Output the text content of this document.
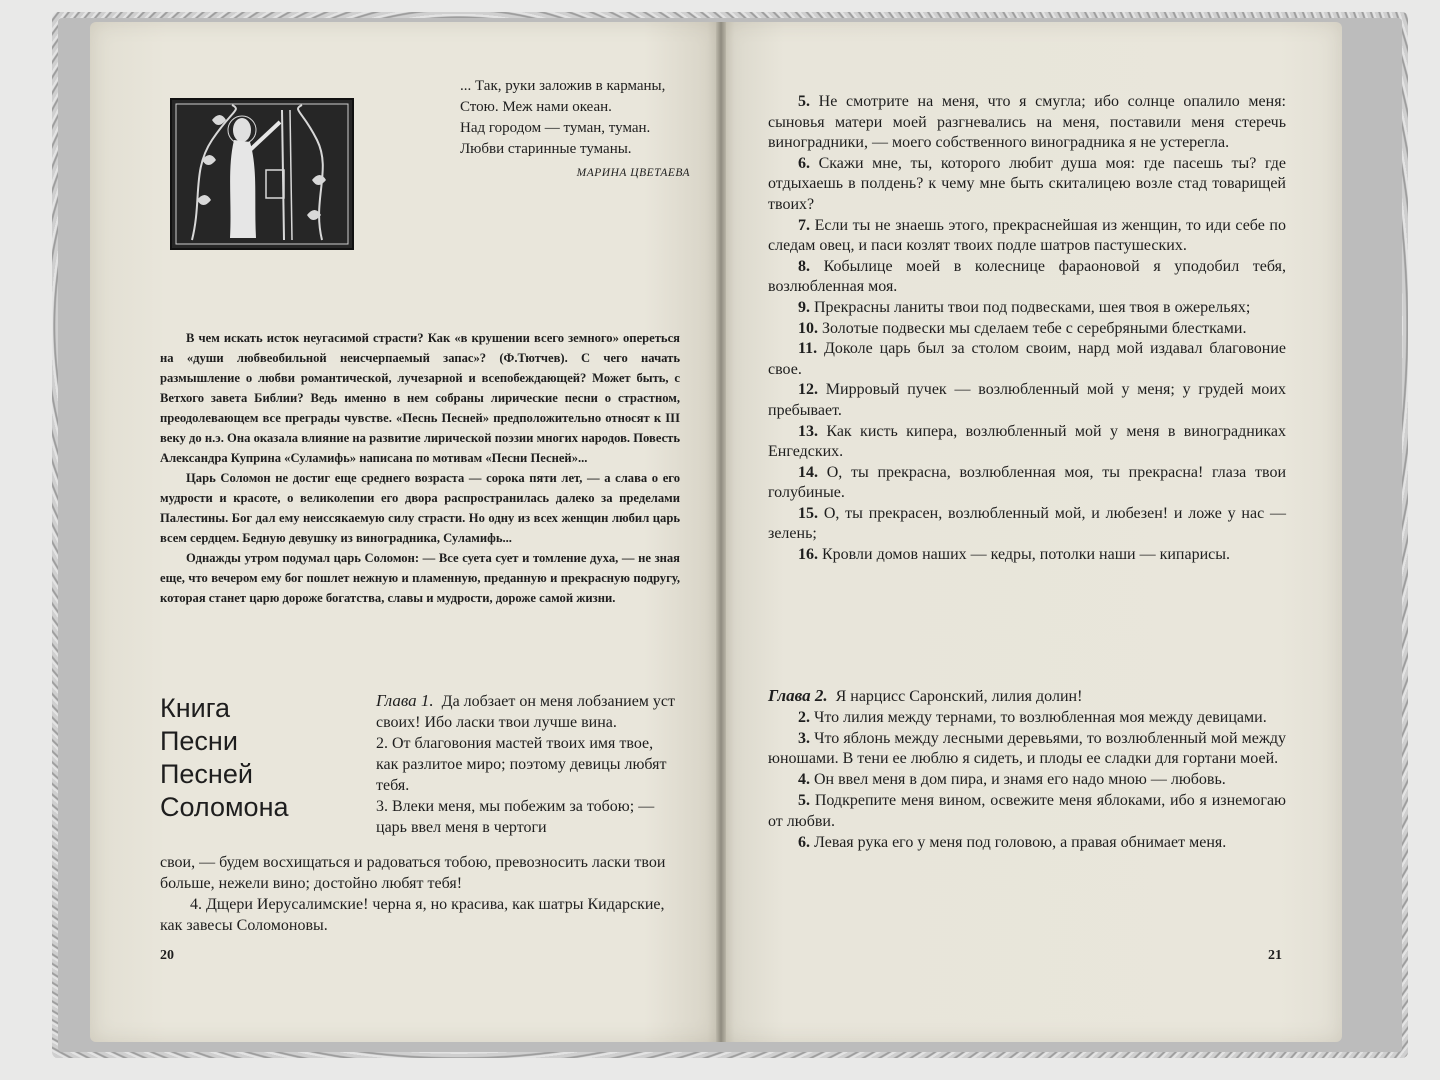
... Так, руки заложив в карманы,
Стою. Меж нами океан.
Над городом — туман, туман.
Любви старинные туманы.
МАРИНА ЦВЕТАЕВА

В чем искать исток неугасимой страсти? Как «в крушении всего земного» опереться на «души любвеобильной неисчерпаемый запас»? (Ф.Тютчев). С чего начать размышление о любви романтической, лучезарной и всепобеждающей? Может быть, с Ветхого завета Библии? Ведь именно в нем собраны лирические песни о страстном, преодолевающем все преграды чувстве. «Песнь Песней» предположительно относят к III веку до н.э. Она оказала влияние на развитие лирической поэзии многих народов. Повесть Александра Куприна «Суламифь» написана по мотивам «Песни Песней»...

Царь Соломон не достиг еще среднего возраста — сорока пяти лет, — а слава о его мудрости и красоте, о великолепии его двора распространилась далеко за пределами Палестины. Бог дал ему неиссякаемую силу страсти. Но одну из всех женщин любил царь всем сердцем. Бедную девушку из виноградника, Суламифь...

Однажды утром подумал царь Соломон: — Все суета сует и томление духа, — не зная еще, что вечером ему бог пошлет нежную и пламенную, преданную и прекрасную подругу, которая станет царю дороже богатства, славы и мудрости, дороже самой жизни.

Книга
Песни
Песней
Соломона
Глава 1. Да лобзает он меня лобзанием уст своих! Ибо ласки твои лучше вина.
2. От благовония мастей твоих имя твое, как разлитое миро; поэтому девицы любят тебя.
3. Влеки меня, мы побежим за тобою; — царь ввел меня в чертоги
свои, — будем восхищаться и радоваться тобою, превозносить ласки твои больше, нежели вино; достойно любят тебя!
4. Дщери Иерусалимские! черна я, но красива, как шатры Кидарские, как завесы Соломоновы.
5. Не смотрите на меня, что я смугла; ибо солнце опалило меня: сыновья матери моей разгневались на меня, поставили меня стеречь виноградники, — моего собственного виноградника я не устерегла.
6. Скажи мне, ты, которого любит душа моя: где пасешь ты? где отдыхаешь в полдень? к чему мне быть скиталицею возле стад товарищей твоих?
7. Если ты не знаешь этого, прекраснейшая из женщин, то иди себе по следам овец, и паси козлят твоих подле шатров пастушеских.
8. Кобылице моей в колеснице фараоновой я уподобил тебя, возлюбленная моя.
9. Прекрасны ланиты твои под подвесками, шея твоя в ожерельях;
10. Золотые подвески мы сделаем тебе с серебряными блестками.
11. Доколе царь был за столом своим, нард мой издавал благовоние свое.
12. Мирровый пучек — возлюбленный мой у меня; у грудей моих пребывает.
13. Как кисть кипера, возлюбленный мой у меня в виноградниках Енгедских.
14. О, ты прекрасна, возлюбленная моя, ты прекрасна! глаза твои голубиные.
15. О, ты прекрасен, возлюбленный мой, и любезен! и ложе у нас — зелень;
16. Кровли домов наших — кедры, потолки наши — кипарисы.
Глава 2. Я нарцисс Саронский, лилия долин!
2. Что лилия между тернами, то возлюбленная моя между девицами.
3. Что яблонь между лесными деревьями, то возлюбленный мой между юношами. В тени ее люблю я сидеть, и плоды ее сладки для гортани моей.
4. Он ввел меня в дом пира, и знамя его надо мною — любовь.
5. Подкрепите меня вином, освежите меня яблоками, ибо я изнемогаю от любви.
6. Левая рука его у меня под головою, а правая обнимает меня.
20	21
